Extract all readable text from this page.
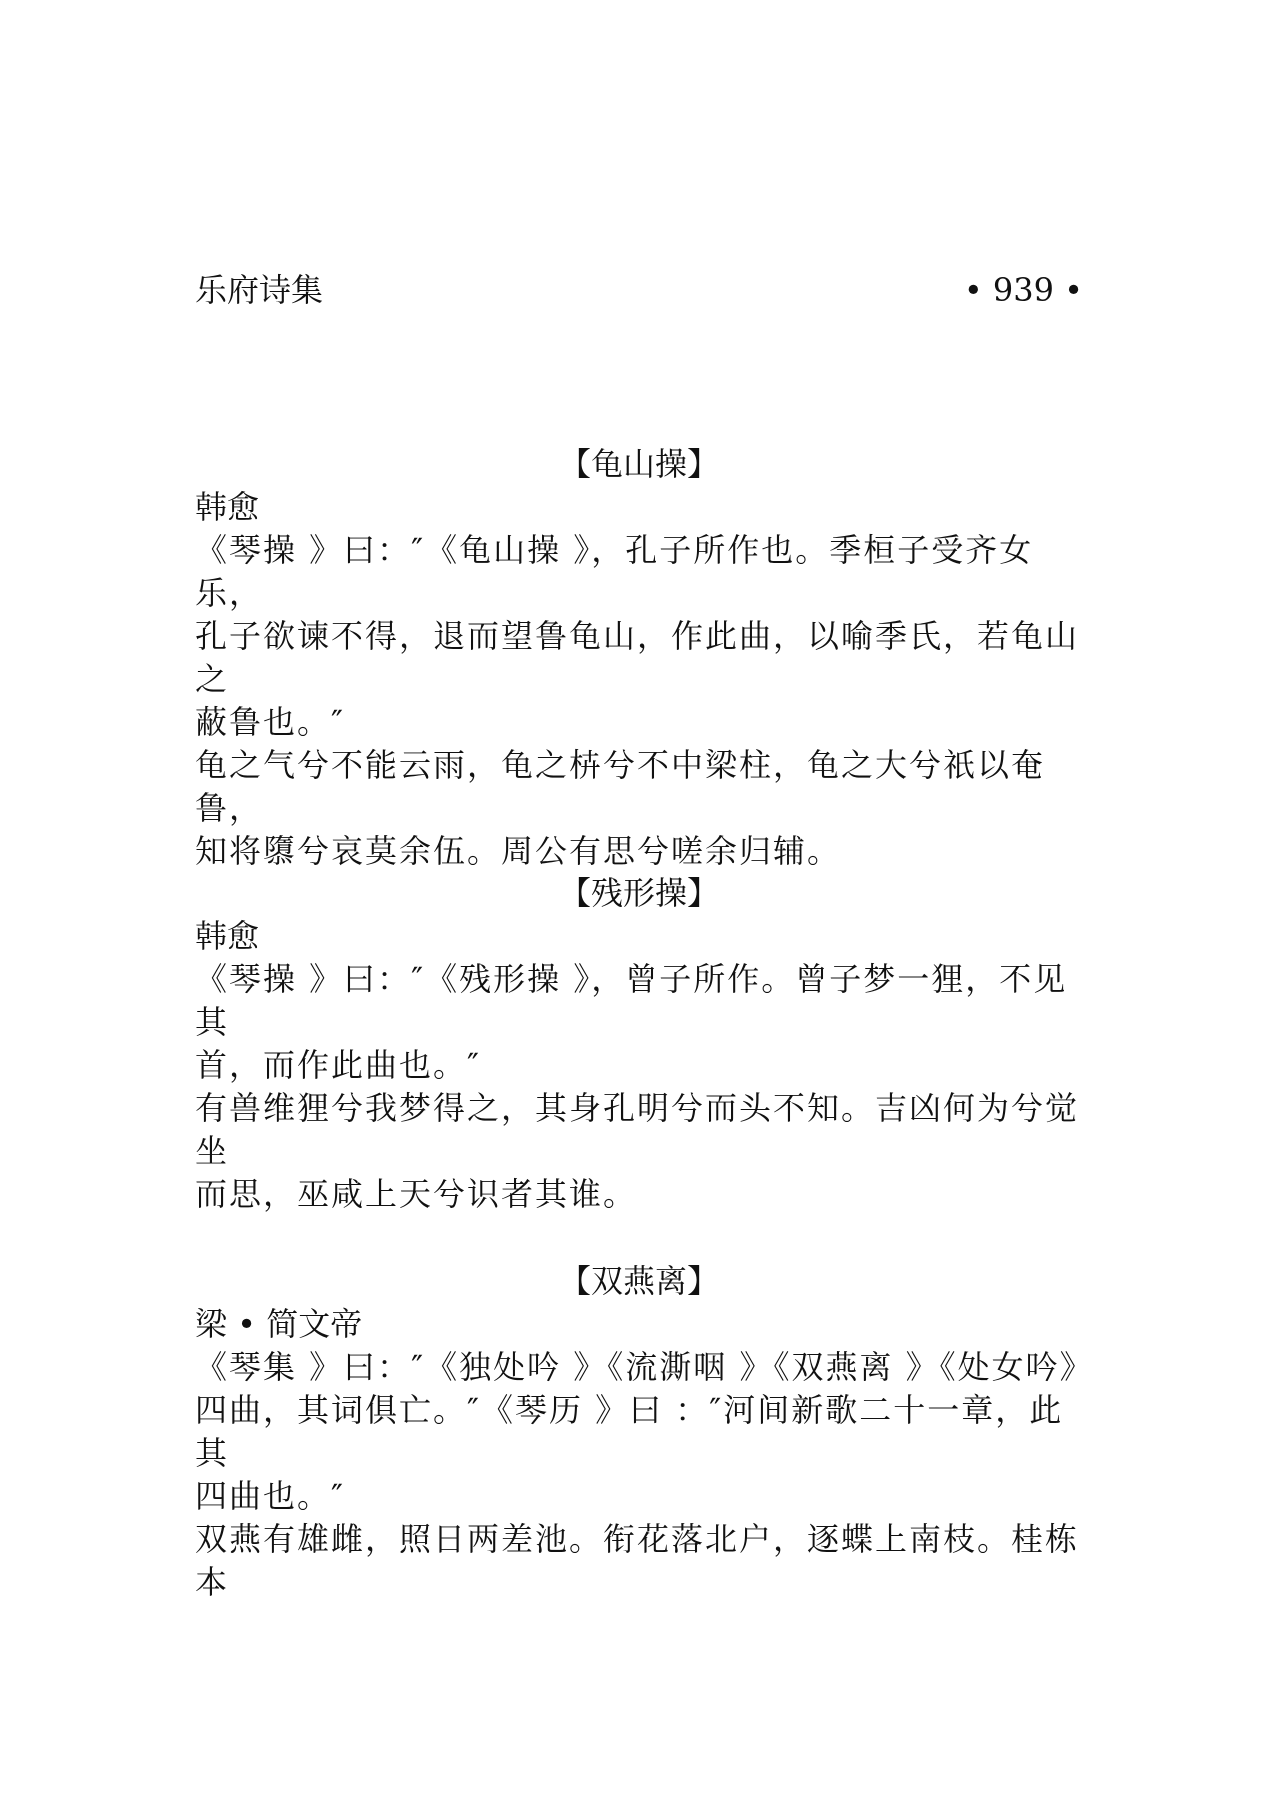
乐府诗集	• 939 •
【龟山操】

韩愈

《琴操 》曰：″《龟山操 》，孔子所作也。季桓子受齐女乐，
孔子欲谏不得，退而望鲁龟山，作此曲，以喻季氏，若龟山之
蔽鲁也。″

龟之气兮不能云雨，龟之枿兮不中梁柱，龟之大兮祇以奄鲁，
知将隳兮哀莫余伍。周公有思兮嗟余归辅。

【残形操】

韩愈

《琴操 》曰：″《残形操 》，曾子所作。曾子梦一狸，不见其
首，而作此曲也。″

有兽维狸兮我梦得之，其身孔明兮而头不知。吉凶何为兮觉坐
而思，巫咸上天兮识者其谁。

【双燕离】

梁 • 简文帝

《琴集 》曰：″《独处吟 》《流澌咽 》《双燕离 》《处女吟》
四曲，其词俱亡。″《琴历 》曰 ：″河间新歌二十一章，此其
四曲也。″

双燕有雄雌，照日两差池。衔花落北户，逐蝶上南枝。桂栋本
